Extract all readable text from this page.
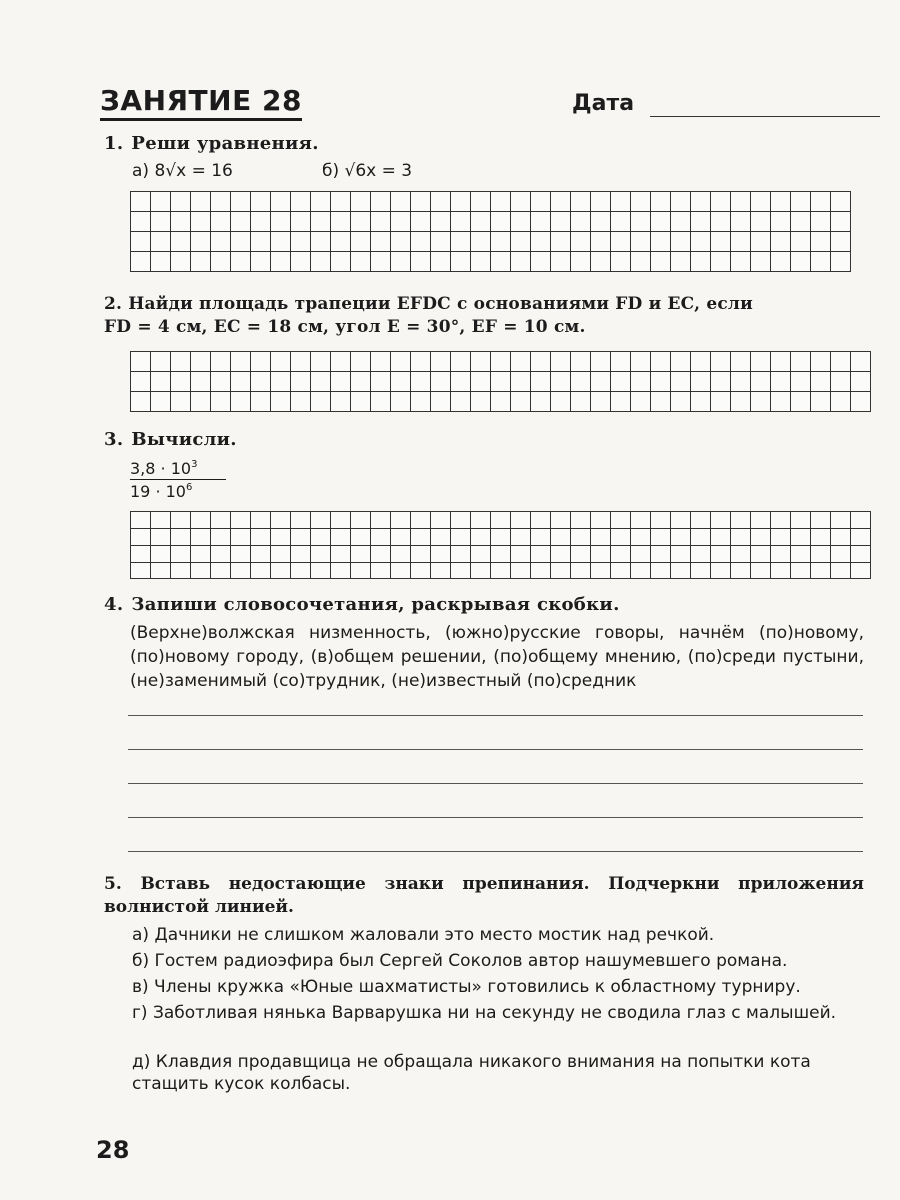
ЗАНЯТИЕ 28	Дата
1. Реши уравнения.
а) 8√x = 16	б) √6x = 3
2. Найди площадь трапеции EFDC с основаниями FD и EC, если
FD = 4 см, EC = 18 см, угол E = 30°, EF = 10 см.
3. Вычисли.
$\frac{3,8 \cdot 10^3}{19 \cdot 10^6}$
4. Запиши словосочетания, раскрывая скобки.
(Верхне)волжская низменность, (южно)русские говоры, начнём (по)новому, (по)новому городу, (в)общем решении, (по)общему мнению, (по)среди пустыни, (не)заменимый (со)трудник, (не)известный (по)средник
5. Вставь недостающие знаки препинания. Подчеркни приложения волнистой линией.
а) Дачники не слишком жаловали это место мостик над речкой.
б) Гостем радиоэфира был Сергей Соколов автор нашумевшего романа.
в) Члены кружка «Юные шахматисты» готовились к областному турниру.
г) Заботливая нянька Варварушка ни на секунду не сводила глаз с малышей.
д) Клавдия продавщица не обращала никакого внимания на попытки кота стащить кусок колбасы.
28
